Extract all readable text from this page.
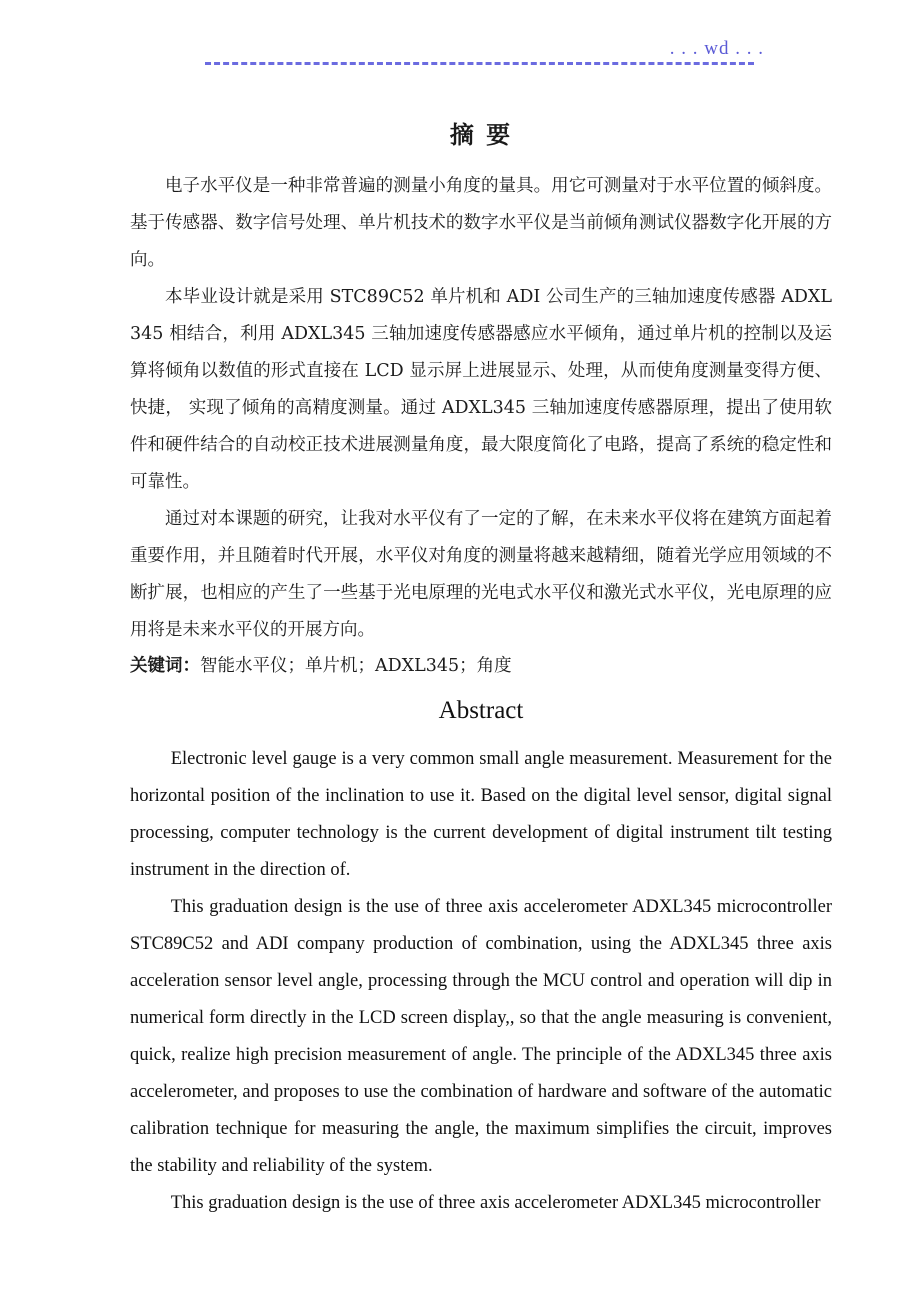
. . . wd . . .
摘 要

电子水平仪是一种非常普遍的测量小角度的量具。用它可测量对于水平位置的倾斜度。基于传感器、数字信号处理、单片机技术的数字水平仪是当前倾角测试仪器数字化开展的方向。

本毕业设计就是采用 STC89C52 单片机和 ADI 公司生产的三轴加速度传感器 ADXL345 相结合，利用 ADXL345 三轴加速度传感器感应水平倾角，通过单片机的控制以及运算将倾角以数值的形式直接在 LCD 显示屏上进展显示、处理，从而使角度测量变得方便、快捷， 实现了倾角的高精度测量。通过 ADXL345 三轴加速度传感器原理，提出了使用软件和硬件结合的自动校正技术进展测量角度，最大限度简化了电路，提高了系统的稳定性和可靠性。

通过对本课题的研究，让我对水平仪有了一定的了解，在未来水平仪将在建筑方面起着重要作用，并且随着时代开展，水平仪对角度的测量将越来越精细，随着光学应用领域的不断扩展，也相应的产生了一些基于光电原理的光电式水平仪和激光式水平仪，光电原理的应用将是未来水平仪的开展方向。

关键词：智能水平仪；单片机；ADXL345；角度

Abstract

Electronic level gauge is a very common small angle measurement. Measurement for the horizontal position of the inclination to use it. Based on the digital level sensor, digital signal processing, computer technology is the current development of digital instrument tilt testing instrument in the direction of.

This graduation design is the use of three axis accelerometer ADXL345 microcontroller STC89C52 and ADI company production of combination, using the ADXL345 three axis acceleration sensor level angle, processing through the MCU control and operation will dip in numerical form directly in the LCD screen display,, so that the angle measuring is convenient, quick, realize high precision measurement of angle. The principle of the ADXL345 three axis accelerometer, and proposes to use the combination of hardware and software of the automatic calibration technique for measuring the angle, the maximum simplifies the circuit, improves the stability and reliability of the system.

This graduation design is the use of three axis accelerometer ADXL345 microcontroller
